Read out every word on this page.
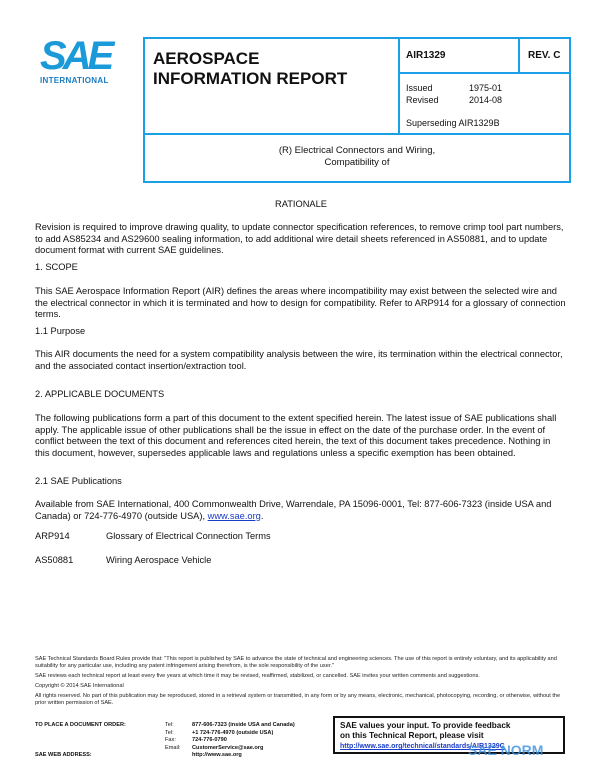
SAE
INTERNATIONAL
AEROSPACE
INFORMATION REPORT
AIR1329	REV. C
Issued	1975-01
Revised	2014-08
Superseding AIR1329B
(R) Electrical Connectors and Wiring,
Compatibility of
RATIONALE
Revision is required to improve drawing quality, to update connector specification references, to remove crimp tool part numbers, to add AS85234 and AS29600 sealing information, to add additional wire detail sheets referenced in AS50881, and to update document format with current SAE guidelines.
1. SCOPE
This SAE Aerospace Information Report (AIR) defines the areas where incompatibility may exist between the selected wire and the electrical connector in which it is terminated and how to design for compatibility. Refer to ARP914 for a glossary of connection terms.
1.1 Purpose
This AIR documents the need for a system compatibility analysis between the wire, its termination within the electrical connector, and the associated contact insertion/extraction tool.
2. APPLICABLE DOCUMENTS
The following publications form a part of this document to the extent specified herein. The latest issue of SAE publications shall apply. The applicable issue of other publications shall be the issue in effect on the date of the purchase order. In the event of conflict between the text of this document and references cited herein, the text of this document takes precedence. Nothing in this document, however, supersedes applicable laws and regulations unless a specific exemption has been obtained.
2.1 SAE Publications
Available from SAE International, 400 Commonwealth Drive, Warrendale, PA 15096-0001, Tel: 877-606-7323 (inside USA and Canada) or 724-776-4970 (outside USA), www.sae.org.
ARP914	Glossary of Electrical Connection Terms
AS50881	Wiring Aerospace Vehicle

SAE Technical Standards Board Rules provide that: "This report is published by SAE to advance the state of technical and engineering sciences. The use of this report is entirely voluntary, and its applicability and suitability for any particular use, including any patent infringement arising therefrom, is the sole responsibility of the user."

SAE reviews each technical report at least every five years at which time it may be revised, reaffirmed, stabilized, or cancelled. SAE invites your written comments and suggestions.

Copyright © 2014 SAE International

All rights reserved. No part of this publication may be reproduced, stored in a retrieval system or transmitted, in any form or by any means, electronic, mechanical, photocopying, recording, or otherwise, without the prior written permission of SAE.

TO PLACE A DOCUMENT ORDER:	Tel:	877-606-7323 (inside USA and Canada)
Tel:	+1 724-776-4970 (outside USA)
Fax:	724-776-0790
Email: CustomerService@sae.org
SAE WEB ADDRESS:	http://www.sae.org
SAE values your input. To provide feedback
on this Technical Report, please visit
http://www.sae.org/technical/standards/AIR1329C
SAE NORM
